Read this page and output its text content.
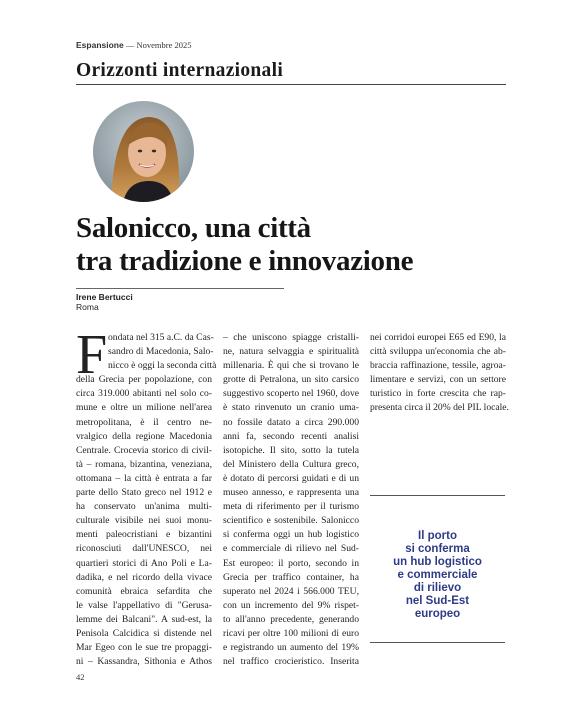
Espansione — Novembre 2025
Orizzonti internazionali
Salonicco, una città
tra tradizione e innovazione
Irene Bertucci
Roma
F ondata nel 315 a.C. da Cas-
sandro di Macedonia, Salo-
nicco è oggi la seconda città
della Grecia per popolazione, con
circa 319.000 abitanti nel solo co-
mune e oltre un milione nell'area
metropolitana, è il centro ne-
vralgico della regione Macedonia
Centrale. Crocevia storico di civil-
tà – romana, bizantina, veneziana,
ottomana – la città è entrata a far
parte dello Stato greco nel 1912 e
ha conservato un'anima multi-
culturale visibile nei suoi monu-
menti paleocristiani e bizantini
riconosciuti dall'UNESCO, nei
quartieri storici di Ano Poli e La-
dadika, e nel ricordo della vivace
comunità ebraica sefardita che
le valse l'appellativo di "Gerusa-
lemme dei Balcani". A sud-est, la
Penisola Calcidica si distende nel
Mar Egeo con le sue tre propaggi-
ni – Kassandra, Sithonia e Athos
– che uniscono spiagge cristalli-
ne, natura selvaggia e spiritualità
millenaria. È qui che si trovano le
grotte di Petralona, un sito carsico
suggestivo scoperto nel 1960, dove
è stato rinvenuto un cranio uma-
no fossile datato a circa 290.000
anni fa, secondo recenti analisi
isotopiche. Il sito, sotto la tutela
del Ministero della Cultura greco,
è dotato di percorsi guidati e di un
museo annesso, e rappresenta una
meta di riferimento per il turismo
scientifico e sostenibile. Salonicco
si conferma oggi un hub logistico
e commerciale di rilievo nel Sud-
Est europeo: il porto, secondo in
Grecia per traffico container, ha
superato nel 2024 i 566.000 TEU,
con un incremento del 9% rispet-
to all'anno precedente, generando
ricavi per oltre 100 milioni di euro
e registrando un aumento del 19%
nel traffico crocieristico. Inserita
nei corridoi europei E65 ed E90, la
città sviluppa un'economia che ab-
braccia raffinazione, tessile, agroa-
limentare e servizi, con un settore
turistico in forte crescita che rap-
presenta circa il 20% del PIL locale.
Il porto
si conferma
un hub logistico
e commerciale
di rilievo
nel Sud-Est
europeo
42
